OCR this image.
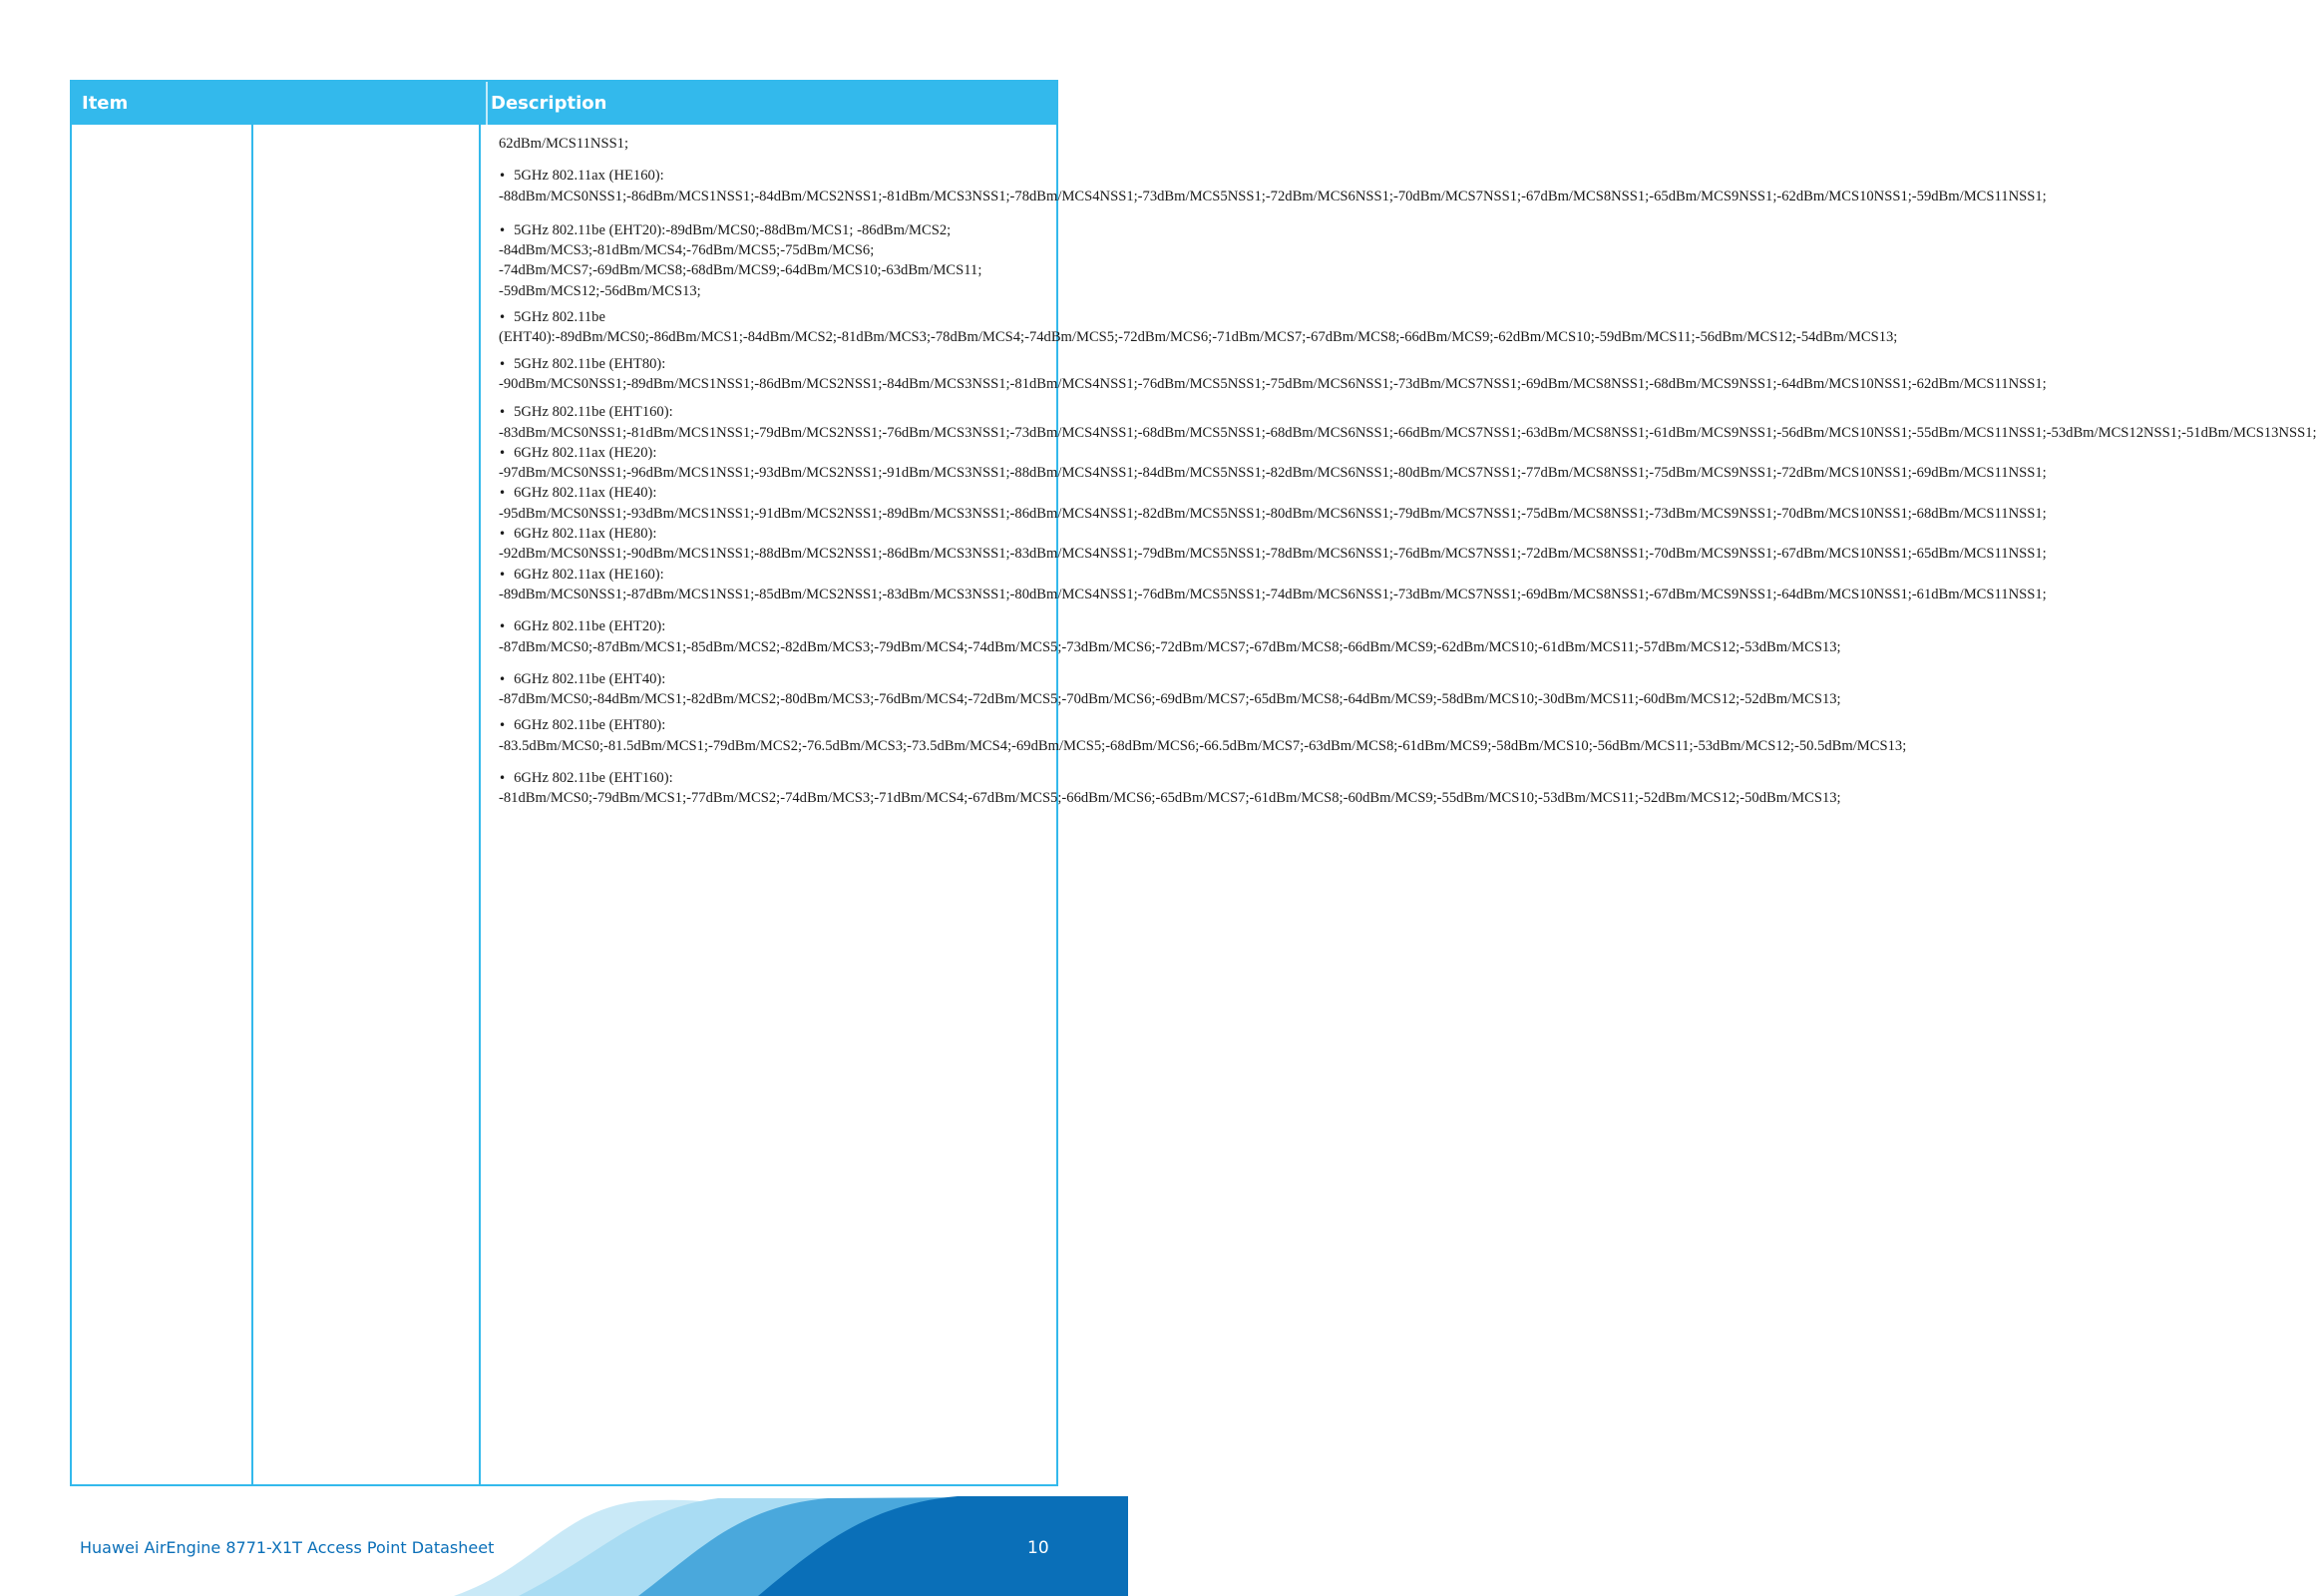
Item	Description

62dBm/MCS11NSS1;

• 5GHz 802.11ax (HE160): -88dBm/MCS0NSS1;-86dBm/MCS1NSS1;-84dBm/MCS2NSS1;-81dBm/MCS3NSS1;-78dBm/MCS4NSS1;-73dBm/MCS5NSS1;-72dBm/MCS6NSS1;-70dBm/MCS7NSS1;-67dBm/MCS8NSS1;-65dBm/MCS9NSS1;-62dBm/MCS10NSS1;-59dBm/MCS11NSS1;

• 5GHz 802.11be (EHT20):-89dBm/MCS0;-88dBm/MCS1; -86dBm/MCS2; -84dBm/MCS3;-81dBm/MCS4;-76dBm/MCS5;-75dBm/MCS6; -74dBm/MCS7;-69dBm/MCS8;-68dBm/MCS9;-64dBm/MCS10;-63dBm/MCS11; -59dBm/MCS12;-56dBm/MCS13;

• 5GHz 802.11be (EHT40):-89dBm/MCS0;-86dBm/MCS1;-84dBm/MCS2;-81dBm/MCS3;-78dBm/MCS4;-74dBm/MCS5;-72dBm/MCS6;-71dBm/MCS7;-67dBm/MCS8;-66dBm/MCS9;-62dBm/MCS10;-59dBm/MCS11;-56dBm/MCS12;-54dBm/MCS13;

• 5GHz 802.11be (EHT80): -90dBm/MCS0NSS1;-89dBm/MCS1NSS1;-86dBm/MCS2NSS1;-84dBm/MCS3NSS1;-81dBm/MCS4NSS1;-76dBm/MCS5NSS1;-75dBm/MCS6NSS1;-73dBm/MCS7NSS1;-69dBm/MCS8NSS1;-68dBm/MCS9NSS1;-64dBm/MCS10NSS1;-62dBm/MCS11NSS1;

• 5GHz 802.11be (EHT160): -83dBm/MCS0NSS1;-81dBm/MCS1NSS1;-79dBm/MCS2NSS1;-76dBm/MCS3NSS1;-73dBm/MCS4NSS1;-68dBm/MCS5NSS1;-68dBm/MCS6NSS1;-66dBm/MCS7NSS1;-63dBm/MCS8NSS1;-61dBm/MCS9NSS1;-56dBm/MCS10NSS1;-55dBm/MCS11NSS1;-53dBm/MCS12NSS1;-51dBm/MCS13NSS1;

• 6GHz 802.11ax (HE20): -97dBm/MCS0NSS1;-96dBm/MCS1NSS1;-93dBm/MCS2NSS1;-91dBm/MCS3NSS1;-88dBm/MCS4NSS1;-84dBm/MCS5NSS1;-82dBm/MCS6NSS1;-80dBm/MCS7NSS1;-77dBm/MCS8NSS1;-75dBm/MCS9NSS1;-72dBm/MCS10NSS1;-69dBm/MCS11NSS1;

• 6GHz 802.11ax (HE40): -95dBm/MCS0NSS1;-93dBm/MCS1NSS1;-91dBm/MCS2NSS1;-89dBm/MCS3NSS1;-86dBm/MCS4NSS1;-82dBm/MCS5NSS1;-80dBm/MCS6NSS1;-79dBm/MCS7NSS1;-75dBm/MCS8NSS1;-73dBm/MCS9NSS1;-70dBm/MCS10NSS1;-68dBm/MCS11NSS1;

• 6GHz 802.11ax (HE80): -92dBm/MCS0NSS1;-90dBm/MCS1NSS1;-88dBm/MCS2NSS1;-86dBm/MCS3NSS1;-83dBm/MCS4NSS1;-79dBm/MCS5NSS1;-78dBm/MCS6NSS1;-76dBm/MCS7NSS1;-72dBm/MCS8NSS1;-70dBm/MCS9NSS1;-67dBm/MCS10NSS1;-65dBm/MCS11NSS1;

• 6GHz 802.11ax (HE160): -89dBm/MCS0NSS1;-87dBm/MCS1NSS1;-85dBm/MCS2NSS1;-83dBm/MCS3NSS1;-80dBm/MCS4NSS1;-76dBm/MCS5NSS1;-74dBm/MCS6NSS1;-73dBm/MCS7NSS1;-69dBm/MCS8NSS1;-67dBm/MCS9NSS1;-64dBm/MCS10NSS1;-61dBm/MCS11NSS1;

• 6GHz 802.11be (EHT20): -87dBm/MCS0;-87dBm/MCS1;-85dBm/MCS2;-82dBm/MCS3;-79dBm/MCS4;-74dBm/MCS5;-73dBm/MCS6;-72dBm/MCS7;-67dBm/MCS8;-66dBm/MCS9;-62dBm/MCS10;-61dBm/MCS11;-57dBm/MCS12;-53dBm/MCS13;

• 6GHz 802.11be (EHT40): -87dBm/MCS0;-84dBm/MCS1;-82dBm/MCS2;-80dBm/MCS3;-76dBm/MCS4;-72dBm/MCS5;-70dBm/MCS6;-69dBm/MCS7;-65dBm/MCS8;-64dBm/MCS9;-58dBm/MCS10;-30dBm/MCS11;-60dBm/MCS12;-52dBm/MCS13;

• 6GHz 802.11be (EHT80): -83.5dBm/MCS0;-81.5dBm/MCS1;-79dBm/MCS2;-76.5dBm/MCS3;-73.5dBm/MCS4;-69dBm/MCS5;-68dBm/MCS6;-66.5dBm/MCS7;-63dBm/MCS8;-61dBm/MCS9;-58dBm/MCS10;-56dBm/MCS11;-53dBm/MCS12;-50.5dBm/MCS13;

• 6GHz 802.11be (EHT160): -81dBm/MCS0;-79dBm/MCS1;-77dBm/MCS2;-74dBm/MCS3;-71dBm/MCS4;-67dBm/MCS5;-66dBm/MCS6;-65dBm/MCS7;-61dBm/MCS8;-60dBm/MCS9;-55dBm/MCS10;-53dBm/MCS11;-52dBm/MCS12;-50dBm/MCS13;

Huawei AirEngine 8771-X1T Access Point Datasheet	10
